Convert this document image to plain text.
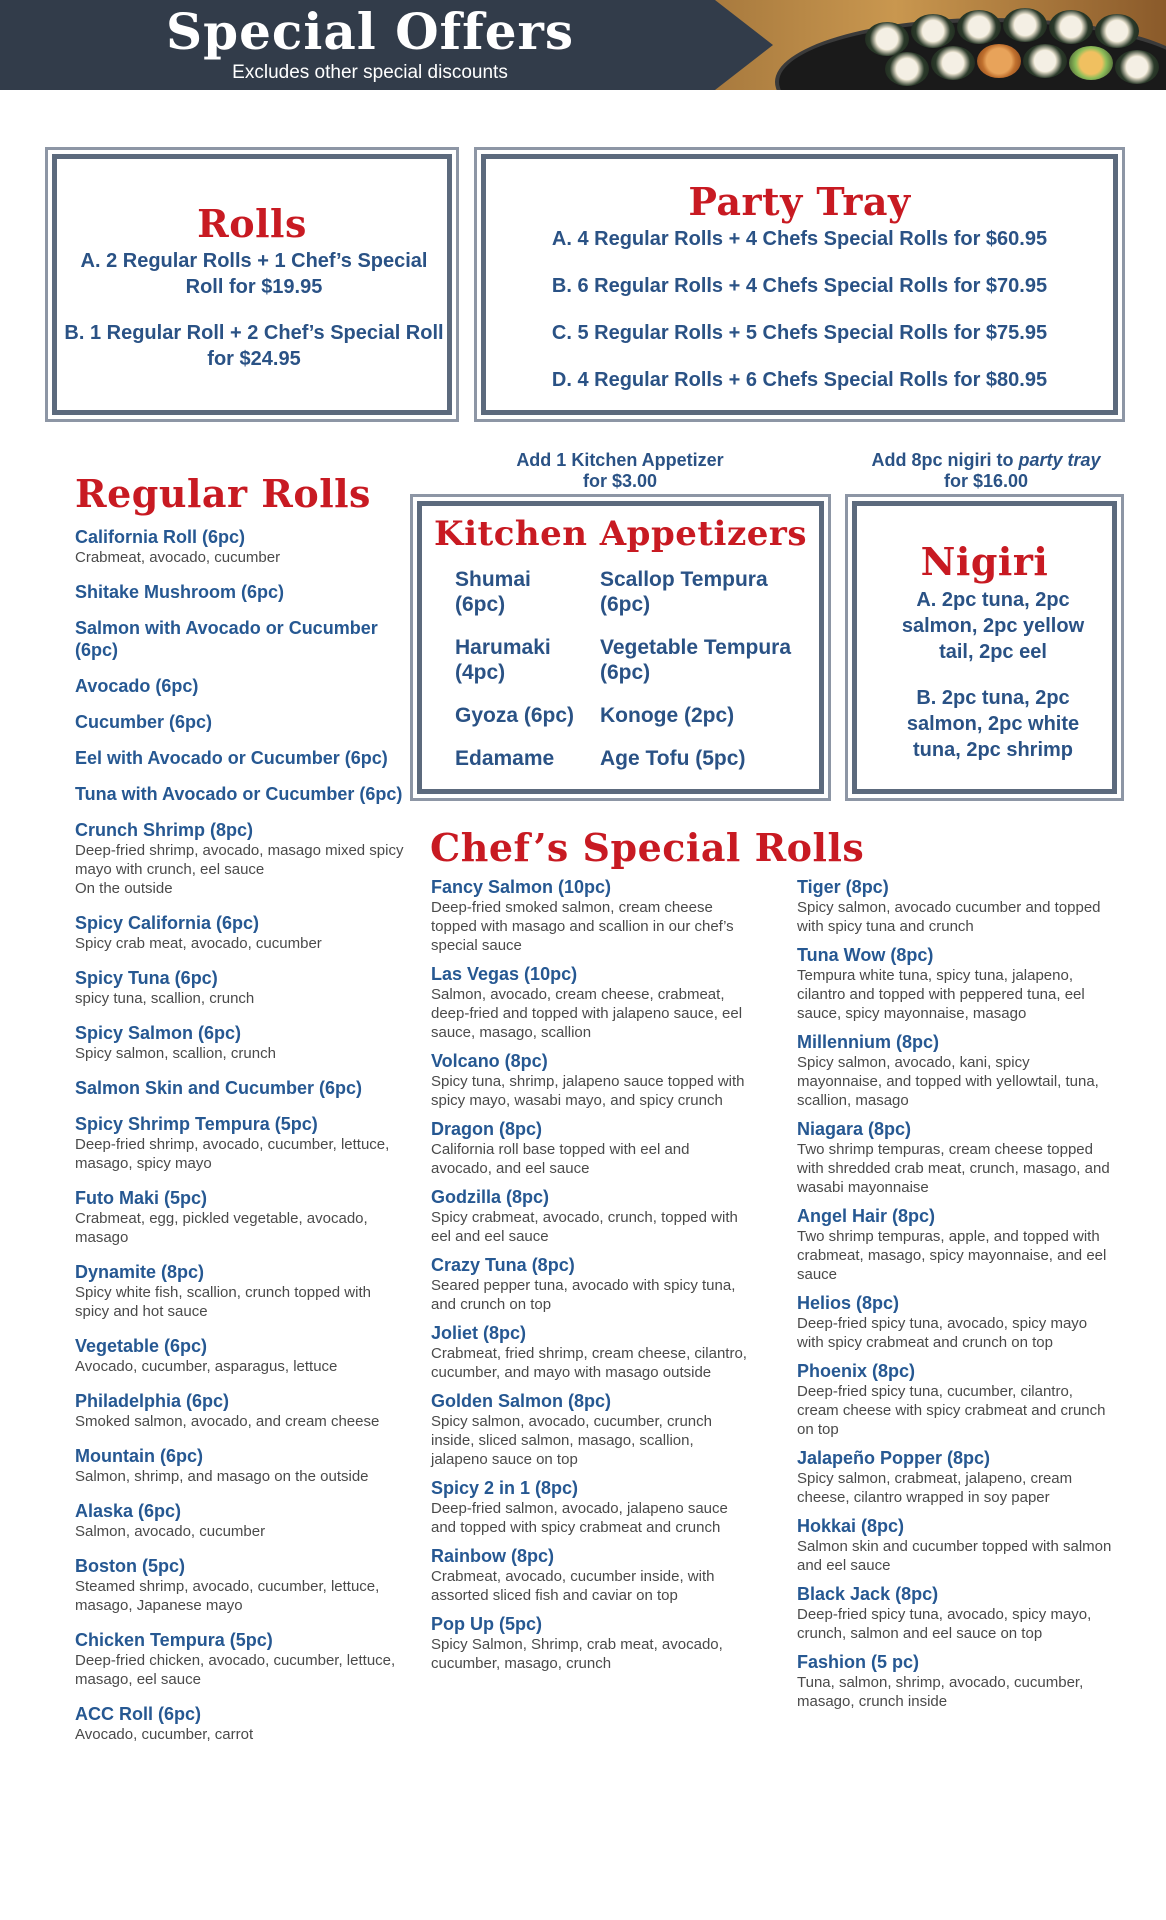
Special Offers
Excludes other special discounts
Rolls

A. 2 Regular Rolls + 1 Chef’s Special Roll for $19.95

B. 1 Regular Roll + 2 Chef’s Special Roll for $24.95

Party Tray

A. 4 Regular Rolls + 4 Chefs Special Rolls for $60.95

B. 6 Regular Rolls + 4 Chefs Special Rolls for $70.95

C. 5 Regular Rolls + 5 Chefs Special Rolls for $75.95

D. 4 Regular Rolls + 6 Chefs Special Rolls for $80.95

Regular Rolls
California Roll (6pc)
Crabmeat, avocado, cucumber
Shitake Mushroom (6pc)
Salmon with Avocado or Cucumber (6pc)
Avocado (6pc)
Cucumber (6pc)
Eel with Avocado or Cucumber (6pc)
Tuna with Avocado or Cucumber (6pc)
Crunch Shrimp (8pc)
Deep-fried shrimp, avocado, masago mixed spicy mayo with crunch, eel sauce
On the outside
Spicy California (6pc)
Spicy crab meat, avocado, cucumber
Spicy Tuna (6pc)
spicy tuna, scallion, crunch
Spicy Salmon (6pc)
Spicy salmon, scallion, crunch
Salmon Skin and Cucumber (6pc)
Spicy Shrimp Tempura (5pc)
Deep-fried shrimp, avocado, cucumber, lettuce, masago, spicy mayo
Futo Maki (5pc)
Crabmeat, egg, pickled vegetable, avocado, masago
Dynamite (8pc)
Spicy white fish, scallion, crunch topped with spicy and hot sauce
Vegetable (6pc)
Avocado, cucumber, asparagus, lettuce
Philadelphia (6pc)
Smoked salmon, avocado, and cream cheese
Mountain (6pc)
Salmon, shrimp, and masago on the outside
Alaska (6pc)
Salmon, avocado, cucumber
Boston (5pc)
Steamed shrimp, avocado, cucumber, lettuce, masago, Japanese mayo
Chicken Tempura (5pc)
Deep-fried chicken, avocado, cucumber, lettuce, masago, eel sauce
ACC Roll (6pc)
Avocado, cucumber, carrot
Add 1 Kitchen Appetizer
for $3.00
Add 8pc nigiri to party tray
for $16.00
Kitchen Appetizers
Shumai
(6pc)
Scallop Tempura
(6pc)
Harumaki
(4pc)
Vegetable Tempura
(6pc)
Gyoza (6pc)	Konoge (2pc)
Edamame	Age Tofu (5pc)
Nigiri

A. 2pc tuna, 2pc salmon, 2pc yellow tail, 2pc eel

B. 2pc tuna, 2pc salmon, 2pc white tuna, 2pc shrimp

Chef’s Special Rolls
Fancy Salmon (10pc)
Deep-fried smoked salmon, cream cheese topped with masago and scallion in our chef’s special sauce
Las Vegas (10pc)
Salmon, avocado, cream cheese, crabmeat, deep-fried and topped with jalapeno sauce, eel sauce, masago, scallion
Volcano (8pc)
Spicy tuna, shrimp, jalapeno sauce topped with spicy mayo, wasabi mayo, and spicy crunch
Dragon (8pc)
California roll base topped with eel and avocado, and eel sauce
Godzilla (8pc)
Spicy crabmeat, avocado, crunch, topped with eel and eel sauce
Crazy Tuna (8pc)
Seared pepper tuna, avocado with spicy tuna, and crunch on top
Joliet (8pc)
Crabmeat, fried shrimp, cream cheese, cilantro, cucumber, and mayo with masago outside
Golden Salmon (8pc)
Spicy salmon, avocado, cucumber, crunch inside, sliced salmon, masago, scallion, jalapeno sauce on top
Spicy 2 in 1 (8pc)
Deep-fried salmon, avocado, jalapeno sauce and topped with spicy crabmeat and crunch
Rainbow (8pc)
Crabmeat, avocado, cucumber inside, with assorted sliced fish and caviar on top
Pop Up (5pc)
Spicy Salmon, Shrimp, crab meat, avocado, cucumber, masago, crunch
Tiger (8pc)
Spicy salmon, avocado cucumber and topped with spicy tuna and crunch
Tuna Wow (8pc)
Tempura white tuna, spicy tuna, jalapeno,
cilantro and topped with peppered tuna, eel sauce, spicy mayonnaise, masago
Millennium (8pc)
Spicy salmon, avocado, kani, spicy mayonnaise, and topped with yellowtail, tuna, scallion, masago
Niagara (8pc)
Two shrimp tempuras, cream cheese topped with shredded crab meat, crunch, masago, and wasabi mayonnaise
Angel Hair (8pc)
Two shrimp tempuras, apple, and topped with crabmeat, masago, spicy mayonnaise, and eel sauce
Helios (8pc)
Deep-fried spicy tuna, avocado, spicy mayo with spicy crabmeat and crunch on top
Phoenix (8pc)
Deep-fried spicy tuna, cucumber, cilantro, cream cheese with spicy crabmeat and crunch on top
Jalapeño Popper (8pc)
Spicy salmon, crabmeat, jalapeno, cream cheese, cilantro wrapped in soy paper
Hokkai (8pc)
Salmon skin and cucumber topped with salmon and eel sauce
Black Jack (8pc)
Deep-fried spicy tuna, avocado, spicy mayo, crunch, salmon and eel sauce on top
Fashion (5 pc)
Tuna, salmon, shrimp, avocado, cucumber, masago, crunch inside
